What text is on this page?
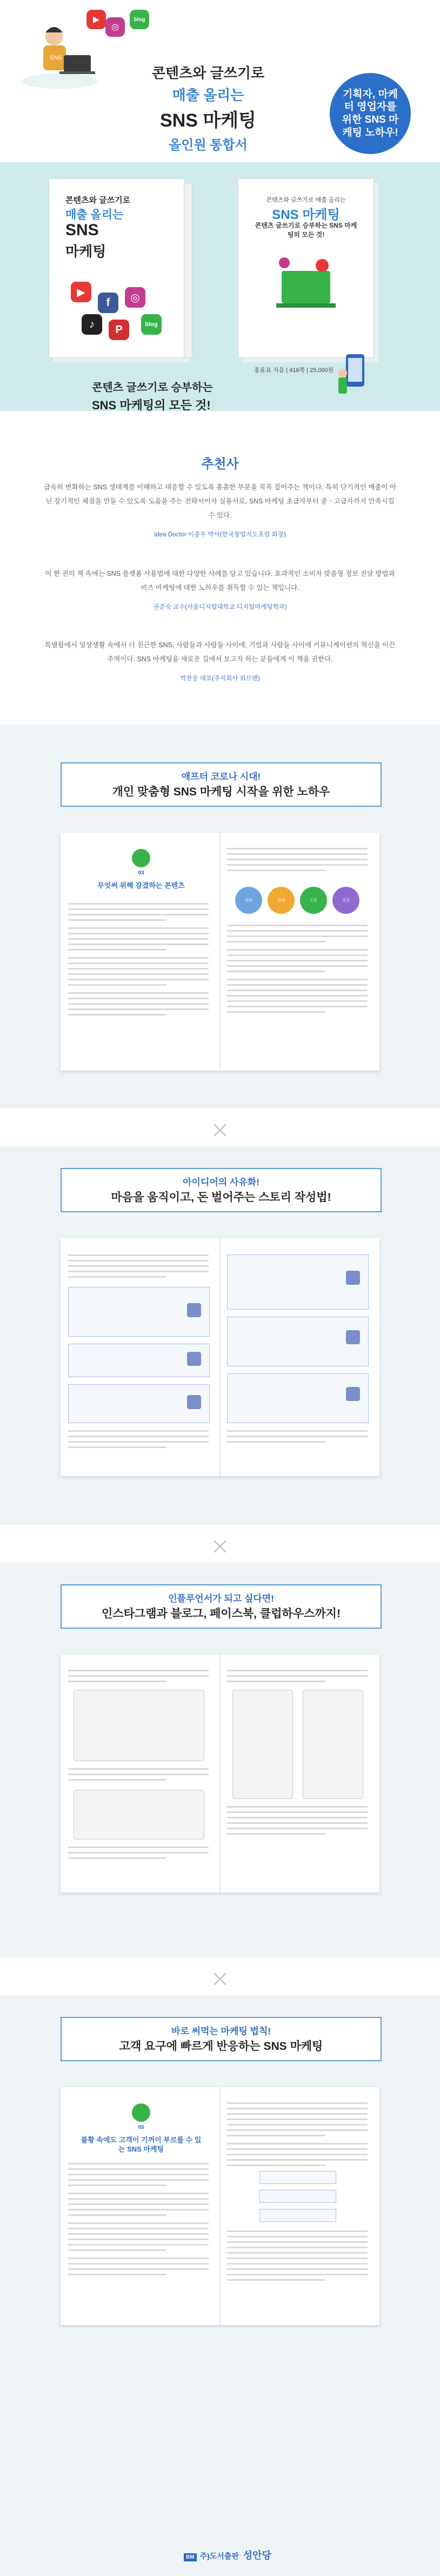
SNS
▶
◎
blog
콘텐츠와 글쓰기로
매출 올리는
SNS 마케팅
올인원 통합서
기획자, 마케터 영업자를 위한 SNS 마케팅 노하우!
콘텐츠와 글쓰기로
매출 올리는
SNS
마케팅
▶
f	◎
♪	P	blog
콘텐츠와 글쓰기로 매출 올리는
SNS 마케팅
콘텐츠 글쓰기로 승부하는 SNS 마케팅의 모든 것!
홍윤표 지음 | 416쪽 | 25,000원
콘텐츠 글쓰기로 승부하는
SNS 마케팅의 모든 것!
추천사
급속히 변화하는 SNS 생태계를 이해하고 대응할 수 있도록 촘촘한 부분을 꼭꼭 짚어주는 책이다. 특히 단기적인 매출이 아닌 장기적인 체질을 만들 수 있도록 도움을 주는 전략서이자 실용서로, SNS 마케팅 초급자부터 중ㆍ고급자까지 만족시킬 수 있다.
Idea Doctor 이종우 박사(한국창업지도포럼 회장)
이 한 권의 책 속에는 SNS 플랫폼 사용법에 대한 다양한 사례를 담고 있습니다. 효과적인 소비자 맞춤형 정보 전달 방법과 비즈 마케팅에 대한 노하우를 취득할 수 있는 책입니다.
권준숙 교수(서울디지털대학교 디지털마케팅학과)
특별함에서 일상생활 속에서 더 친근한 SNS, 사람들과 사람들 사이에, 기업과 사람들 사이에 커뮤니케이션의 혁신을 이끈 주역이다. SNS 마케팅을 새로운 길에서 보고자 하는 분들에게 이 책을 권한다.
박찬웅 대표(주식회사 위브랜)
애프터 코로나 시대!
개인 맞춤형 SNS 마케팅 시작을 위한 노하우
03
무엇써 위해 잠겼하는 콘텐츠
변화	관계	소통	공감
아이디어의 사유화!
마음을 움직이고, 돈 벌어주는 스토리 작성법!
인플루언서가 되고 싶다면!
인스타그램과 블로그, 페이스북, 클럽하우스까지!
바로 써먹는 마케팅 법칙!
고객 요구에 빠르게 반응하는 SNS 마케팅
05
불황 속에도 고객이 기꺼이 부르를 수 있는 SNS 마케팅
BM 주)도서출판 성안당
